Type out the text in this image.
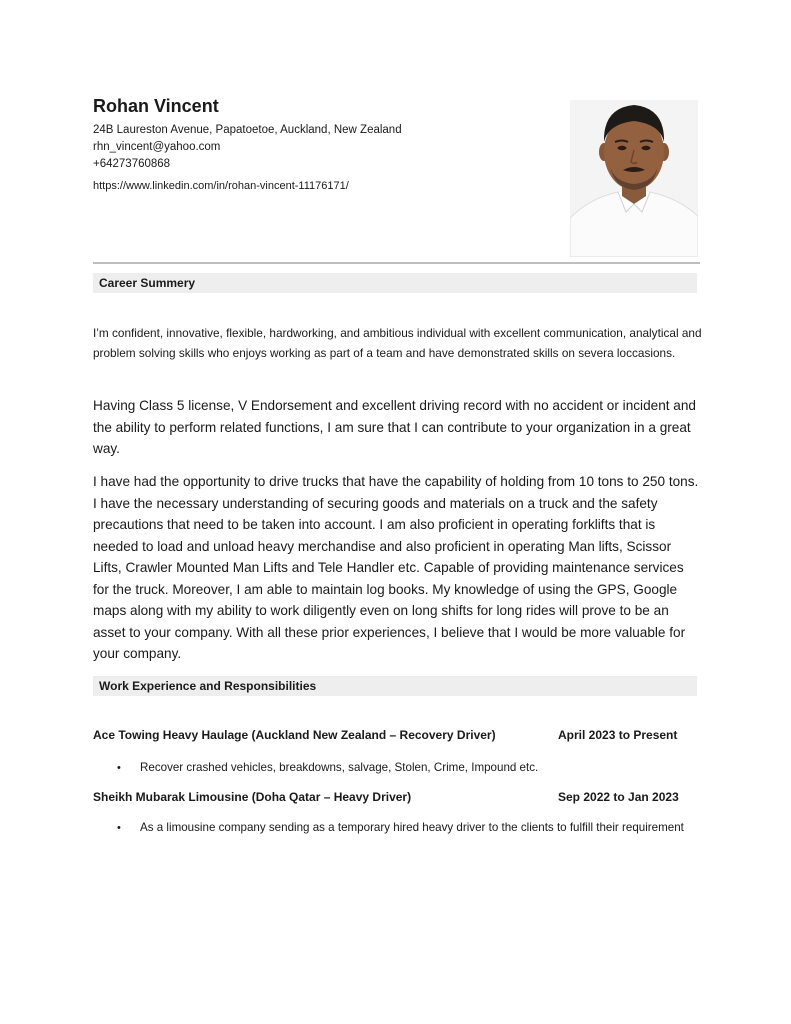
Rohan Vincent
24B Laureston Avenue, Papatoetoe, Auckland, New Zealand
rhn_vincent@yahoo.com
+64273760868
https://www.linkedin.com/in/rohan-vincent-11176171/
Career Summery

I’m confident, innovative, flexible, hardworking, and ambitious individual with excellent communication, analytical and problem solving skills who enjoys working as part of a team and have demonstrated skills on severa loccasions.

Having Class 5 license, V Endorsement and excellent driving record with no accident or incident and the ability to perform related functions, I am sure that I can contribute to your organization in a great way.

I have had the opportunity to drive trucks that have the capability of holding from 10 tons to 250 tons. I have the necessary understanding of securing goods and materials on a truck and the safety precautions that need to be taken into account. I am also proficient in operating forklifts that is needed to load and unload heavy merchandise and also proficient in operating Man lifts, Scissor Lifts, Crawler Mounted Man Lifts and Tele Handler etc. Capable of providing maintenance services for the truck. Moreover, I am able to maintain log books. My knowledge of using the GPS, Google maps along with my ability to work diligently even on long shifts for long rides will prove to be an asset to your company. With all these prior experiences, I believe that I would be more valuable for your company.

Work Experience and Responsibilities
Ace Towing Heavy Haulage (Auckland New Zealand – Recovery Driver)	April 2023 to Present
• Recover crashed vehicles, breakdowns, salvage, Stolen, Crime, Impound etc.
Sheikh Mubarak Limousine (Doha Qatar – Heavy Driver)	Sep 2022 to Jan 2023
• As a limousine company sending as a temporary hired heavy driver to the clients to fulfill their requirement
